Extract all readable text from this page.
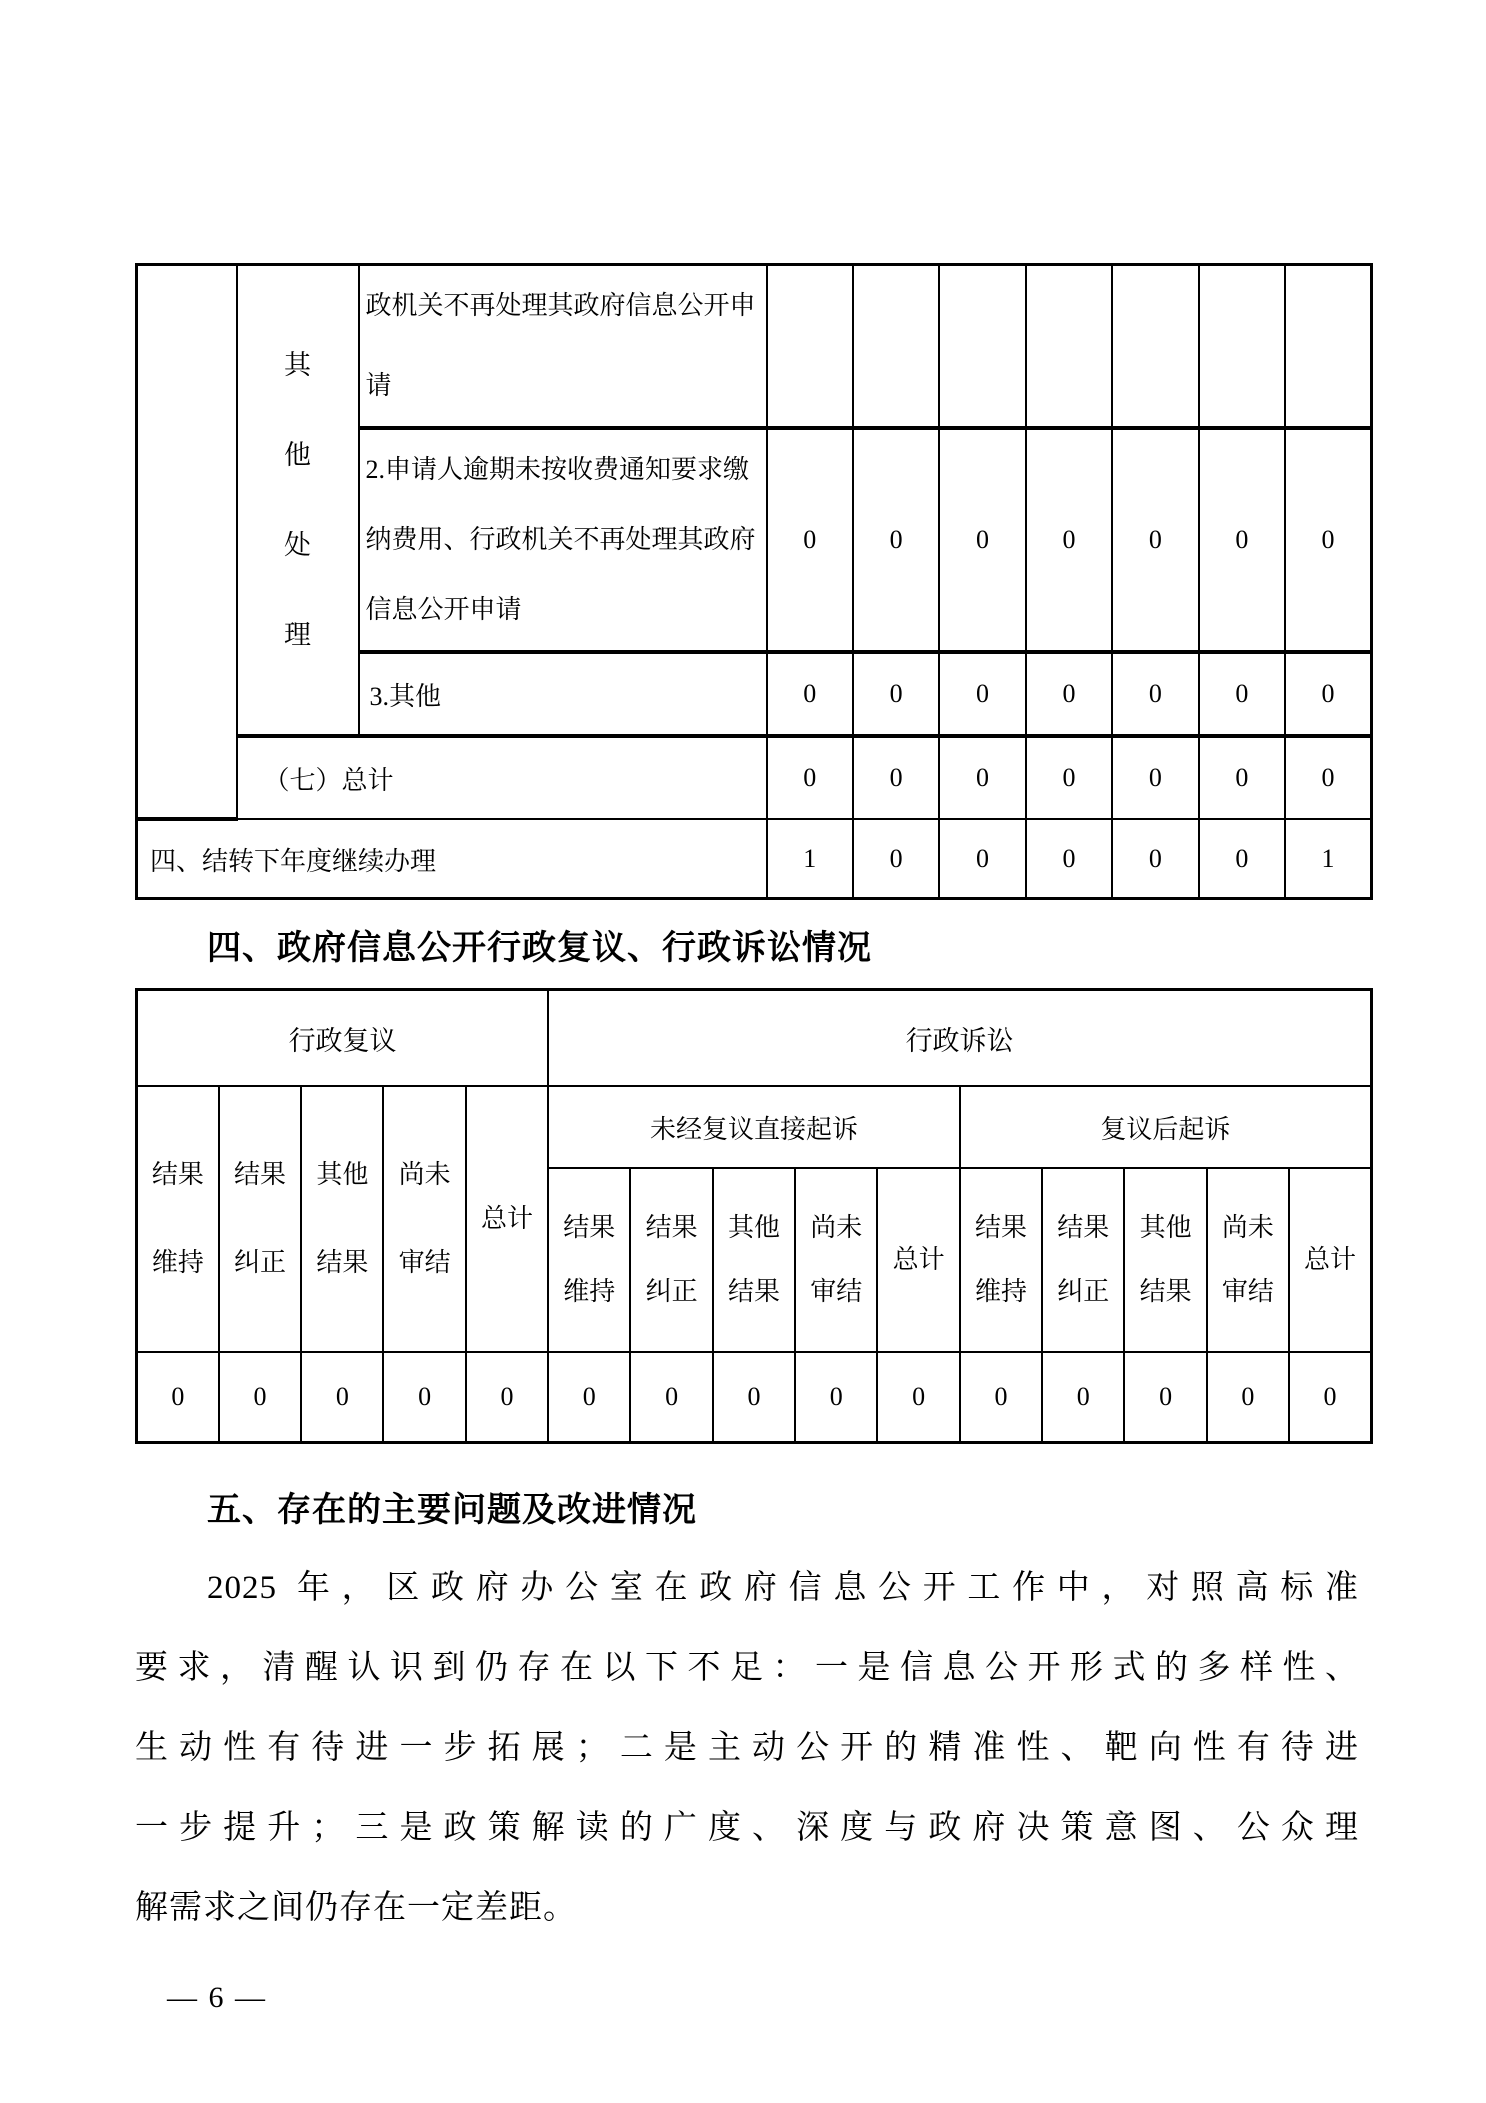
	其他处理	政机关不再处理其政府信息公开申请							
		2.申请人逾期未按收费通知要求缴纳费用、行政机关不再处理其政府信息公开申请	0	0	0	0	0	0	0
		3.其他	0	0	0	0	0	0	0
	（七）总计		0	0	0	0	0	0	0
四、结转下年度继续办理			1	0	0	0	0	0	1
四、政府信息公开行政复议、行政诉讼情况
行政复议					行政诉讼									
结果维持	结果纠正	其他结果	尚未审结	总计	未经复议直接起诉					复议后起诉				
					结果维持	结果纠正	其他结果	尚未审结	总计	结果维持	结果纠正	其他结果	尚未审结	总计
0	0	0	0	0	0	0	0	0	0	0	0	0	0	0
五、存在的主要问题及改进情况
2025 年，区政府办公室在政府信息公开工作中，对照高标准
要求，清醒认识到仍存在以下不足：一是信息公开形式的多样性、
生动性有待进一步拓展；二是主动公开的精准性、靶向性有待进
一步提升；三是政策解读的广度、深度与政府决策意图、公众理
解需求之间仍存在一定差距。
— 6 —
